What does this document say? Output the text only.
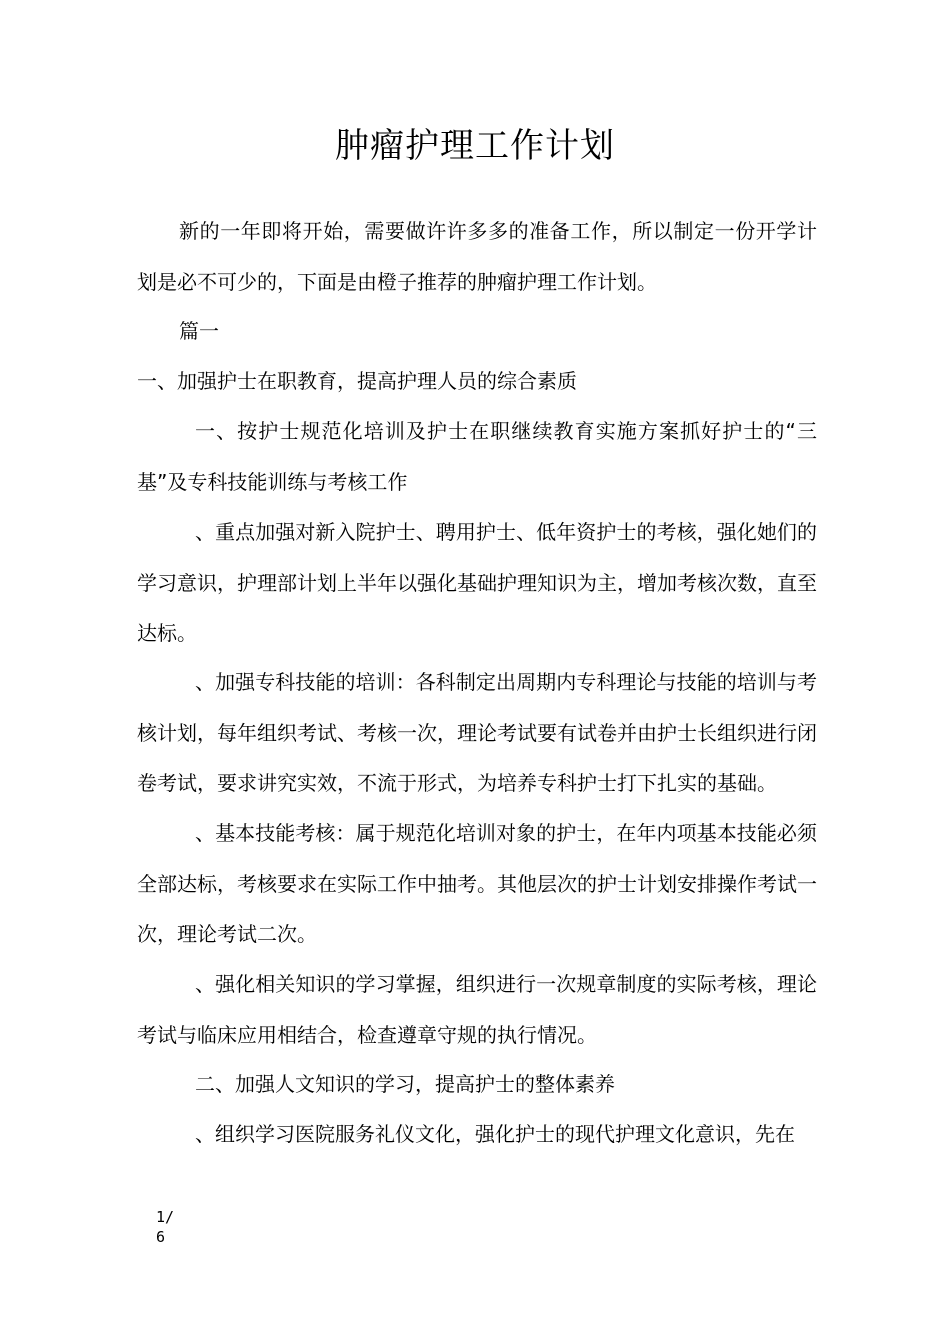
肿瘤护理工作计划

新的一年即将开始，需要做许许多多的准备工作，所以制定一份开学计划是必不可少的，下面是由橙子推荐的肿瘤护理工作计划。

篇一

一、加强护士在职教育，提高护理人员的综合素质

一、按护士规范化培训及护士在职继续教育实施方案抓好护士的“三基”及专科技能训练与考核工作

、重点加强对新入院护士、聘用护士、低年资护士的考核，强化她们的学习意识，护理部计划上半年以强化基础护理知识为主，增加考核次数，直至达标。

、加强专科技能的培训：各科制定出周期内专科理论与技能的培训与考核计划，每年组织考试、考核一次，理论考试要有试卷并由护士长组织进行闭卷考试，要求讲究实效，不流于形式，为培养专科护士打下扎实的基础。

、基本技能考核：属于规范化培训对象的护士，在年内项基本技能必须全部达标，考核要求在实际工作中抽考。其他层次的护士计划安排操作考试一次，理论考试二次。

、强化相关知识的学习掌握，组织进行一次规章制度的实际考核，理论考试与临床应用相结合，检查遵章守规的执行情况。

二、加强人文知识的学习，提高护士的整体素养

、组织学习医院服务礼仪文化，强化护士的现代护理文化意识，先在

1/
6
